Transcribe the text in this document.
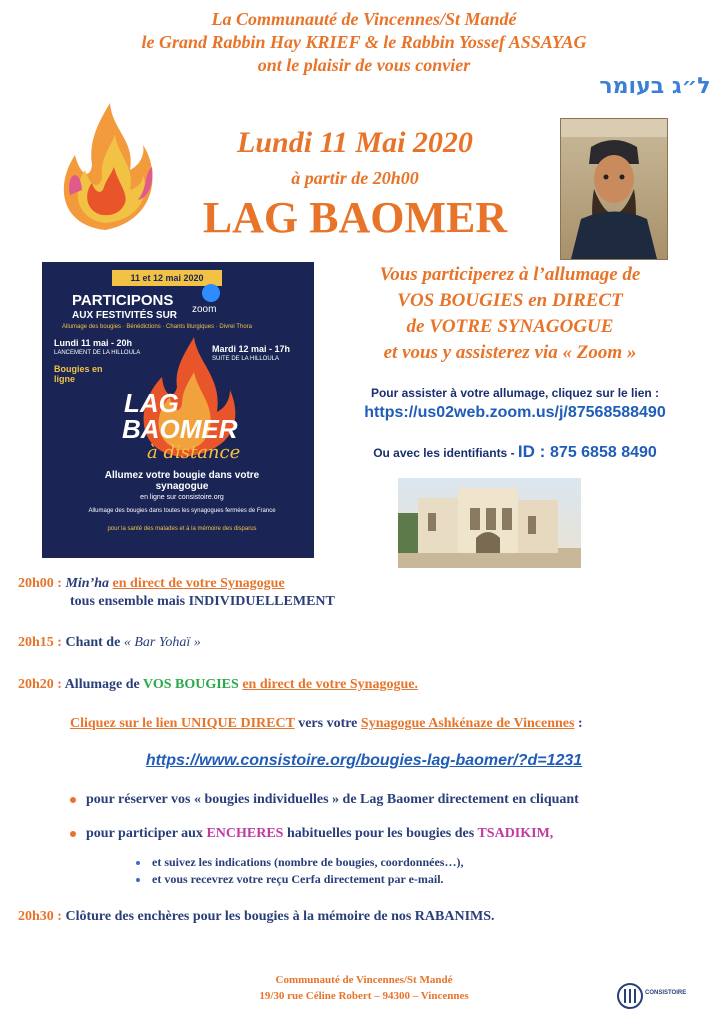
La Communauté de Vincennes/St Mandé
le Grand Rabbin Hay KRIEF & le Rabbin Yossef ASSAYAG
ont le plaisir de vous convier
ל״ג בעומר
Lundi 11 Mai 2020
à partir de 20h00
LAG BAOMER
11 et 12 mai 2020
PARTICIPONS
AUX FESTIVITÉS SUR
zoom
Allumage des bougies · Bénédictions · Chants liturgiques · Divrei Thora
Lundi 11 mai - 20h
LANCEMENT DE LA HILLOULA	Mardi 12 mai - 17h
SUITE DE LA HILLOULA
Bougies en ligne
LAG
BAOMER
à distance
Allumez votre bougie dans votre synagogue
en ligne sur consistoire.org
Allumage des bougies dans toutes les synagogues fermées de France
pour la santé des malades et à la mémoire des disparus
Vous participerez à l’allumage de
VOS BOUGIES en DIRECT
de VOTRE SYNAGOGUE
et vous y assisterez via « Zoom »
Pour assister à votre allumage, cliquez sur le lien :
https://us02web.zoom.us/j/87568588490
Ou avec les identifiants - ID : 875 6858 8490
20h00 : Min’ha en direct de votre Synagogue
tous ensemble mais INDIVIDUELLEMENT
20h15 : Chant de « Bar Yohaï »
20h20 : Allumage de VOS BOUGIES en direct de votre Synagogue.
Cliquez sur le lien UNIQUE DIRECT vers votre Synagogue Ashkénaze de Vincennes :
https://www.consistoire.org/bougies-lag-baomer/?d=1231
pour réserver vos « bougies individuelles » de Lag Baomer directement en cliquant
pour participer aux ENCHERES habituelles pour les bougies des TSADIKIM,
et suivez les indications (nombre de bougies, coordonnées…),
et vous recevrez votre reçu Cerfa directement par e-mail.
20h30 : Clôture des enchères pour les bougies à la mémoire de nos RABANIMS.
Communauté de Vincennes/St Mandé
19/30 rue Céline Robert – 94300 – Vincennes	CONSISTOIRE
